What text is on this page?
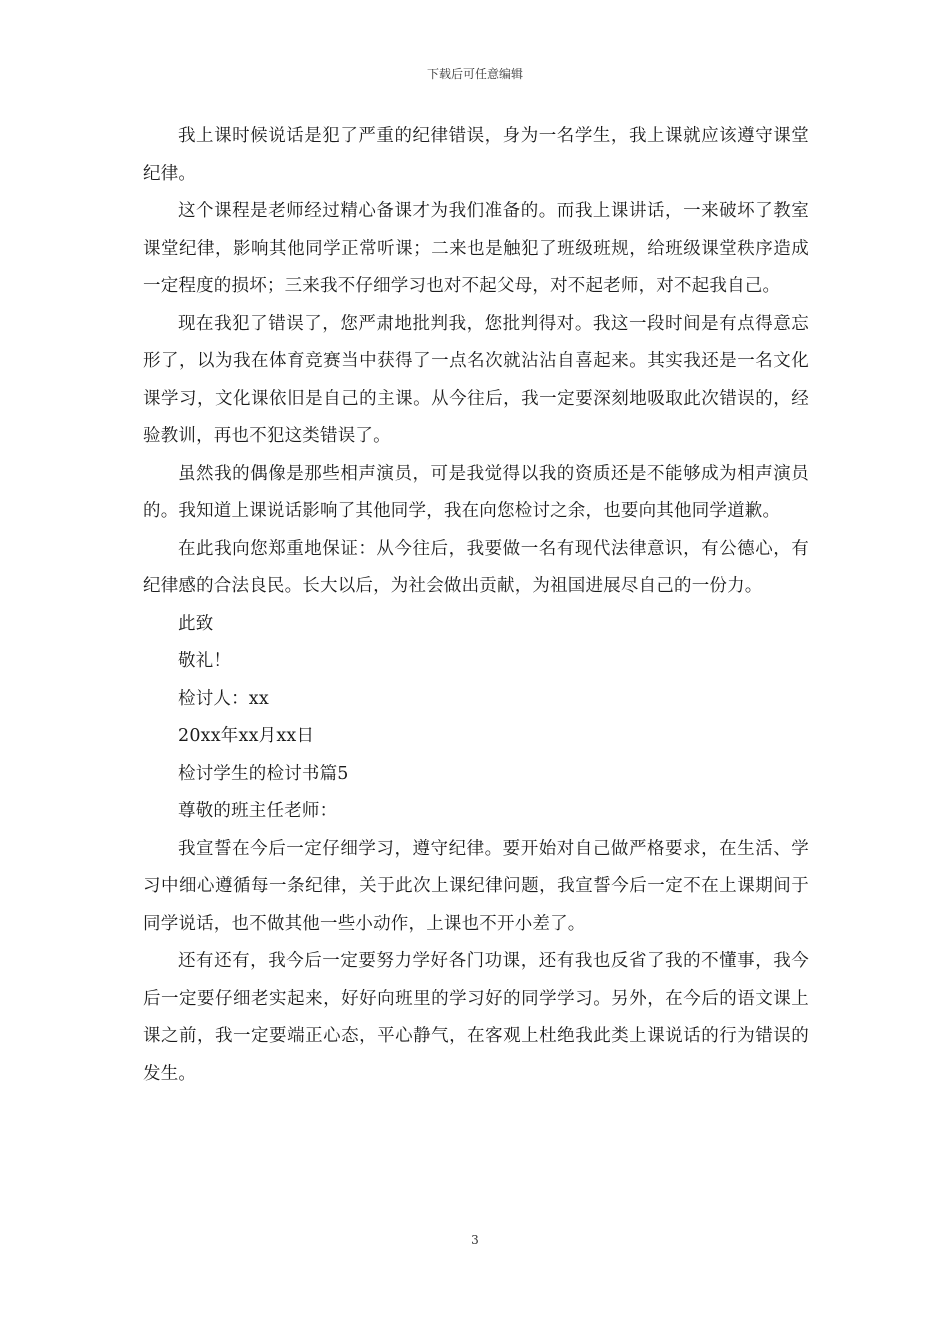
下载后可任意编辑

我上课时候说话是犯了严重的纪律错误，身为一名学生，我上课就应该遵守课堂纪律。

这个课程是老师经过精心备课才为我们准备的。而我上课讲话，一来破坏了教室课堂纪律，影响其他同学正常听课；二来也是触犯了班级班规，给班级课堂秩序造成一定程度的损坏；三来我不仔细学习也对不起父母，对不起老师，对不起我自己。

现在我犯了错误了，您严肃地批判我，您批判得对。我这一段时间是有点得意忘形了，以为我在体育竞赛当中获得了一点名次就沾沾自喜起来。其实我还是一名文化课学习，文化课依旧是自己的主课。从今往后，我一定要深刻地吸取此次错误的，经验教训，再也不犯这类错误了。

虽然我的偶像是那些相声演员，可是我觉得以我的资质还是不能够成为相声演员的。我知道上课说话影响了其他同学，我在向您检讨之余，也要向其他同学道歉。

在此我向您郑重地保证：从今往后，我要做一名有现代法律意识，有公德心，有纪律感的合法良民。长大以后，为社会做出贡献，为祖国进展尽自己的一份力。

此致

敬礼！

检讨人：xx

20xx年xx月xx日

检讨学生的检讨书篇5

尊敬的班主任老师：

我宣誓在今后一定仔细学习，遵守纪律。要开始对自己做严格要求，在生活、学习中细心遵循每一条纪律，关于此次上课纪律问题，我宣誓今后一定不在上课期间于同学说话，也不做其他一些小动作，上课也不开小差了。

还有还有，我今后一定要努力学好各门功课，还有我也反省了我的不懂事，我今后一定要仔细老实起来，好好向班里的学习好的同学学习。另外，在今后的语文课上课之前，我一定要端正心态，平心静气，在客观上杜绝我此类上课说话的行为错误的发生。

3
